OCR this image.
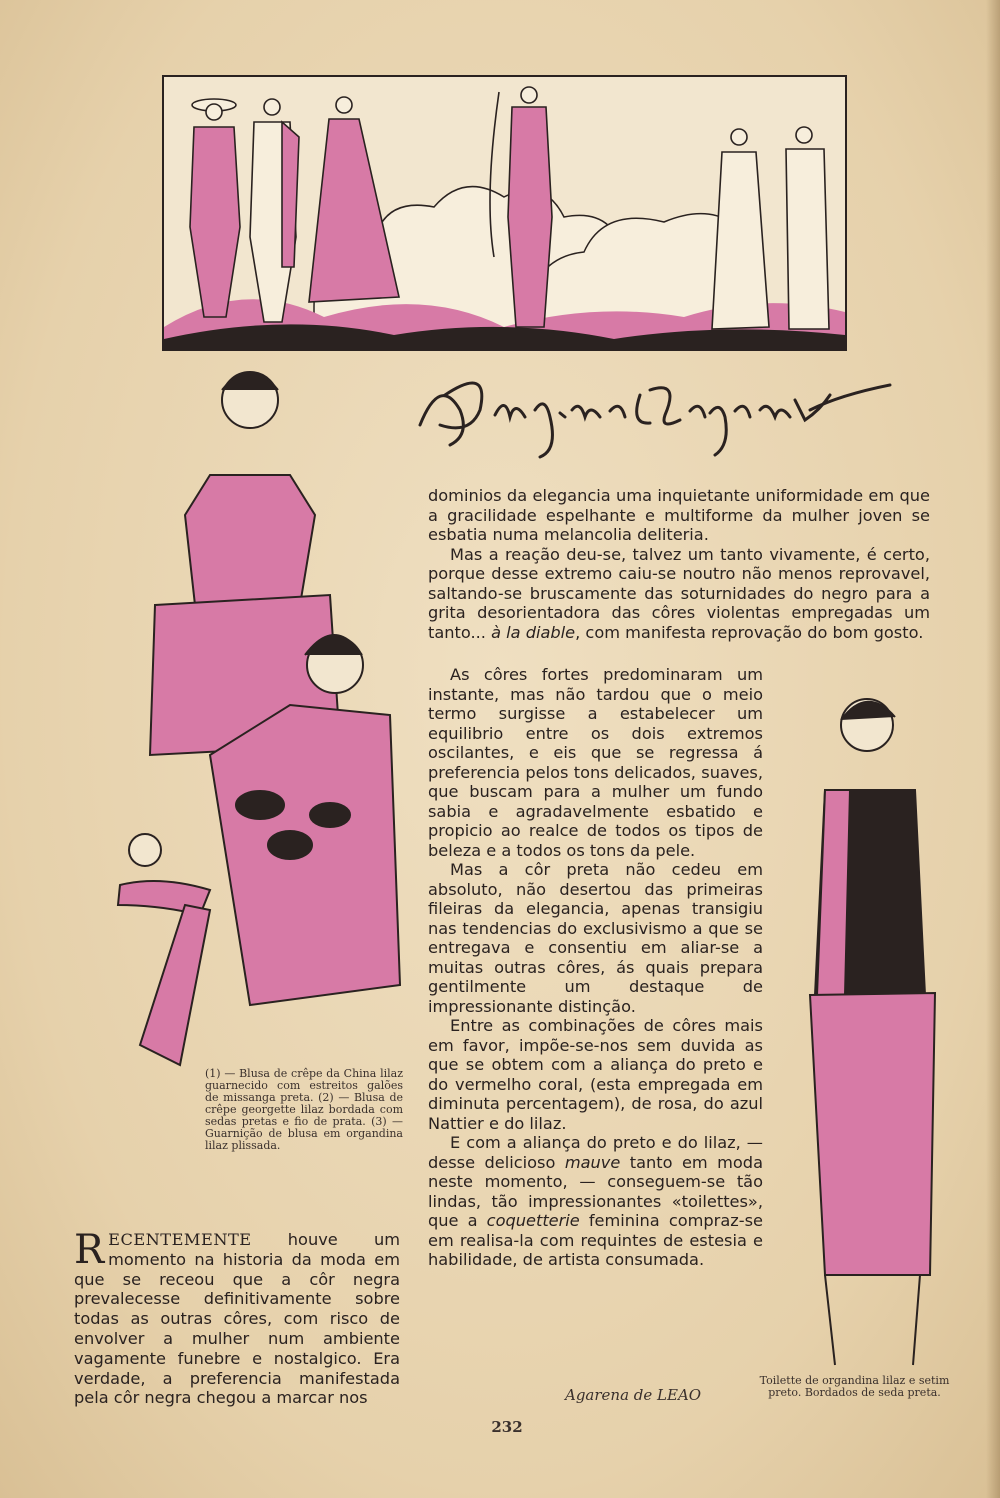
(1) — Blusa de crêpe da China lilaz guarnecido com estreitos galões de missanga preta. (2) — Blusa de crêpe georgette lilaz bordada com sedas pretas e fio de prata. (3) — Guarnição de blusa em organdina lilaz plissada.
RECENTEMENTE houve um momento na historia da moda em que se receou que a côr negra prevalecesse definitivamente sobre todas as outras côres, com risco de envolver a mulher num ambiente vagamente funebre e nostalgico. Era verdade, a preferencia manifestada pela côr negra chegou a marcar nos

dominios da elegancia uma inquietante uniformidade em que a gracilidade espelhante e multiforme da mulher joven se esbatia numa melancolia deliteria.

Mas a reação deu-se, talvez um tanto vivamente, é certo, porque desse extremo caiu-se noutro não menos reprovavel, saltando-se bruscamente das soturnidades do negro para a grita desorientadora das côres violentas empregadas um tanto... à la diable, com manifesta reprovação do bom gosto.

As côres fortes predominaram um instante, mas não tardou que o meio termo surgisse a estabelecer um equilibrio entre os dois extremos oscilantes, e eis que se regressa á preferencia pelos tons delicados, suaves, que buscam para a mulher um fundo sabia e agradavelmente esbatido e propicio ao realce de todos os tipos de beleza e a todos os tons da pele.

Mas a côr preta não cedeu em absoluto, não desertou das primeiras fileiras da elegancia, apenas transigiu nas tendencias do exclusivismo a que se entregava e consentiu em aliar-se a muitas outras côres, ás quais prepara gentilmente um destaque de impressionante distinção.

Entre as combinações de côres mais em favor, impõe-se-nos sem duvida as que se obtem com a aliança do preto e do vermelho coral, (esta empregada em diminuta percentagem), de rosa, do azul Nattier e do lilaz.

E com a aliança do preto e do lilaz, — desse delicioso mauve tanto em moda neste momento, — conseguem-se tão lindas, tão impressionantes «toilettes», que a coquetterie feminina compraz-se em realisa-la com requintes de estesia e habilidade, de artista consumada.

Toilette de organdina lilaz e setim preto. Bordados de seda preta.
Agarena de LEAO
232
